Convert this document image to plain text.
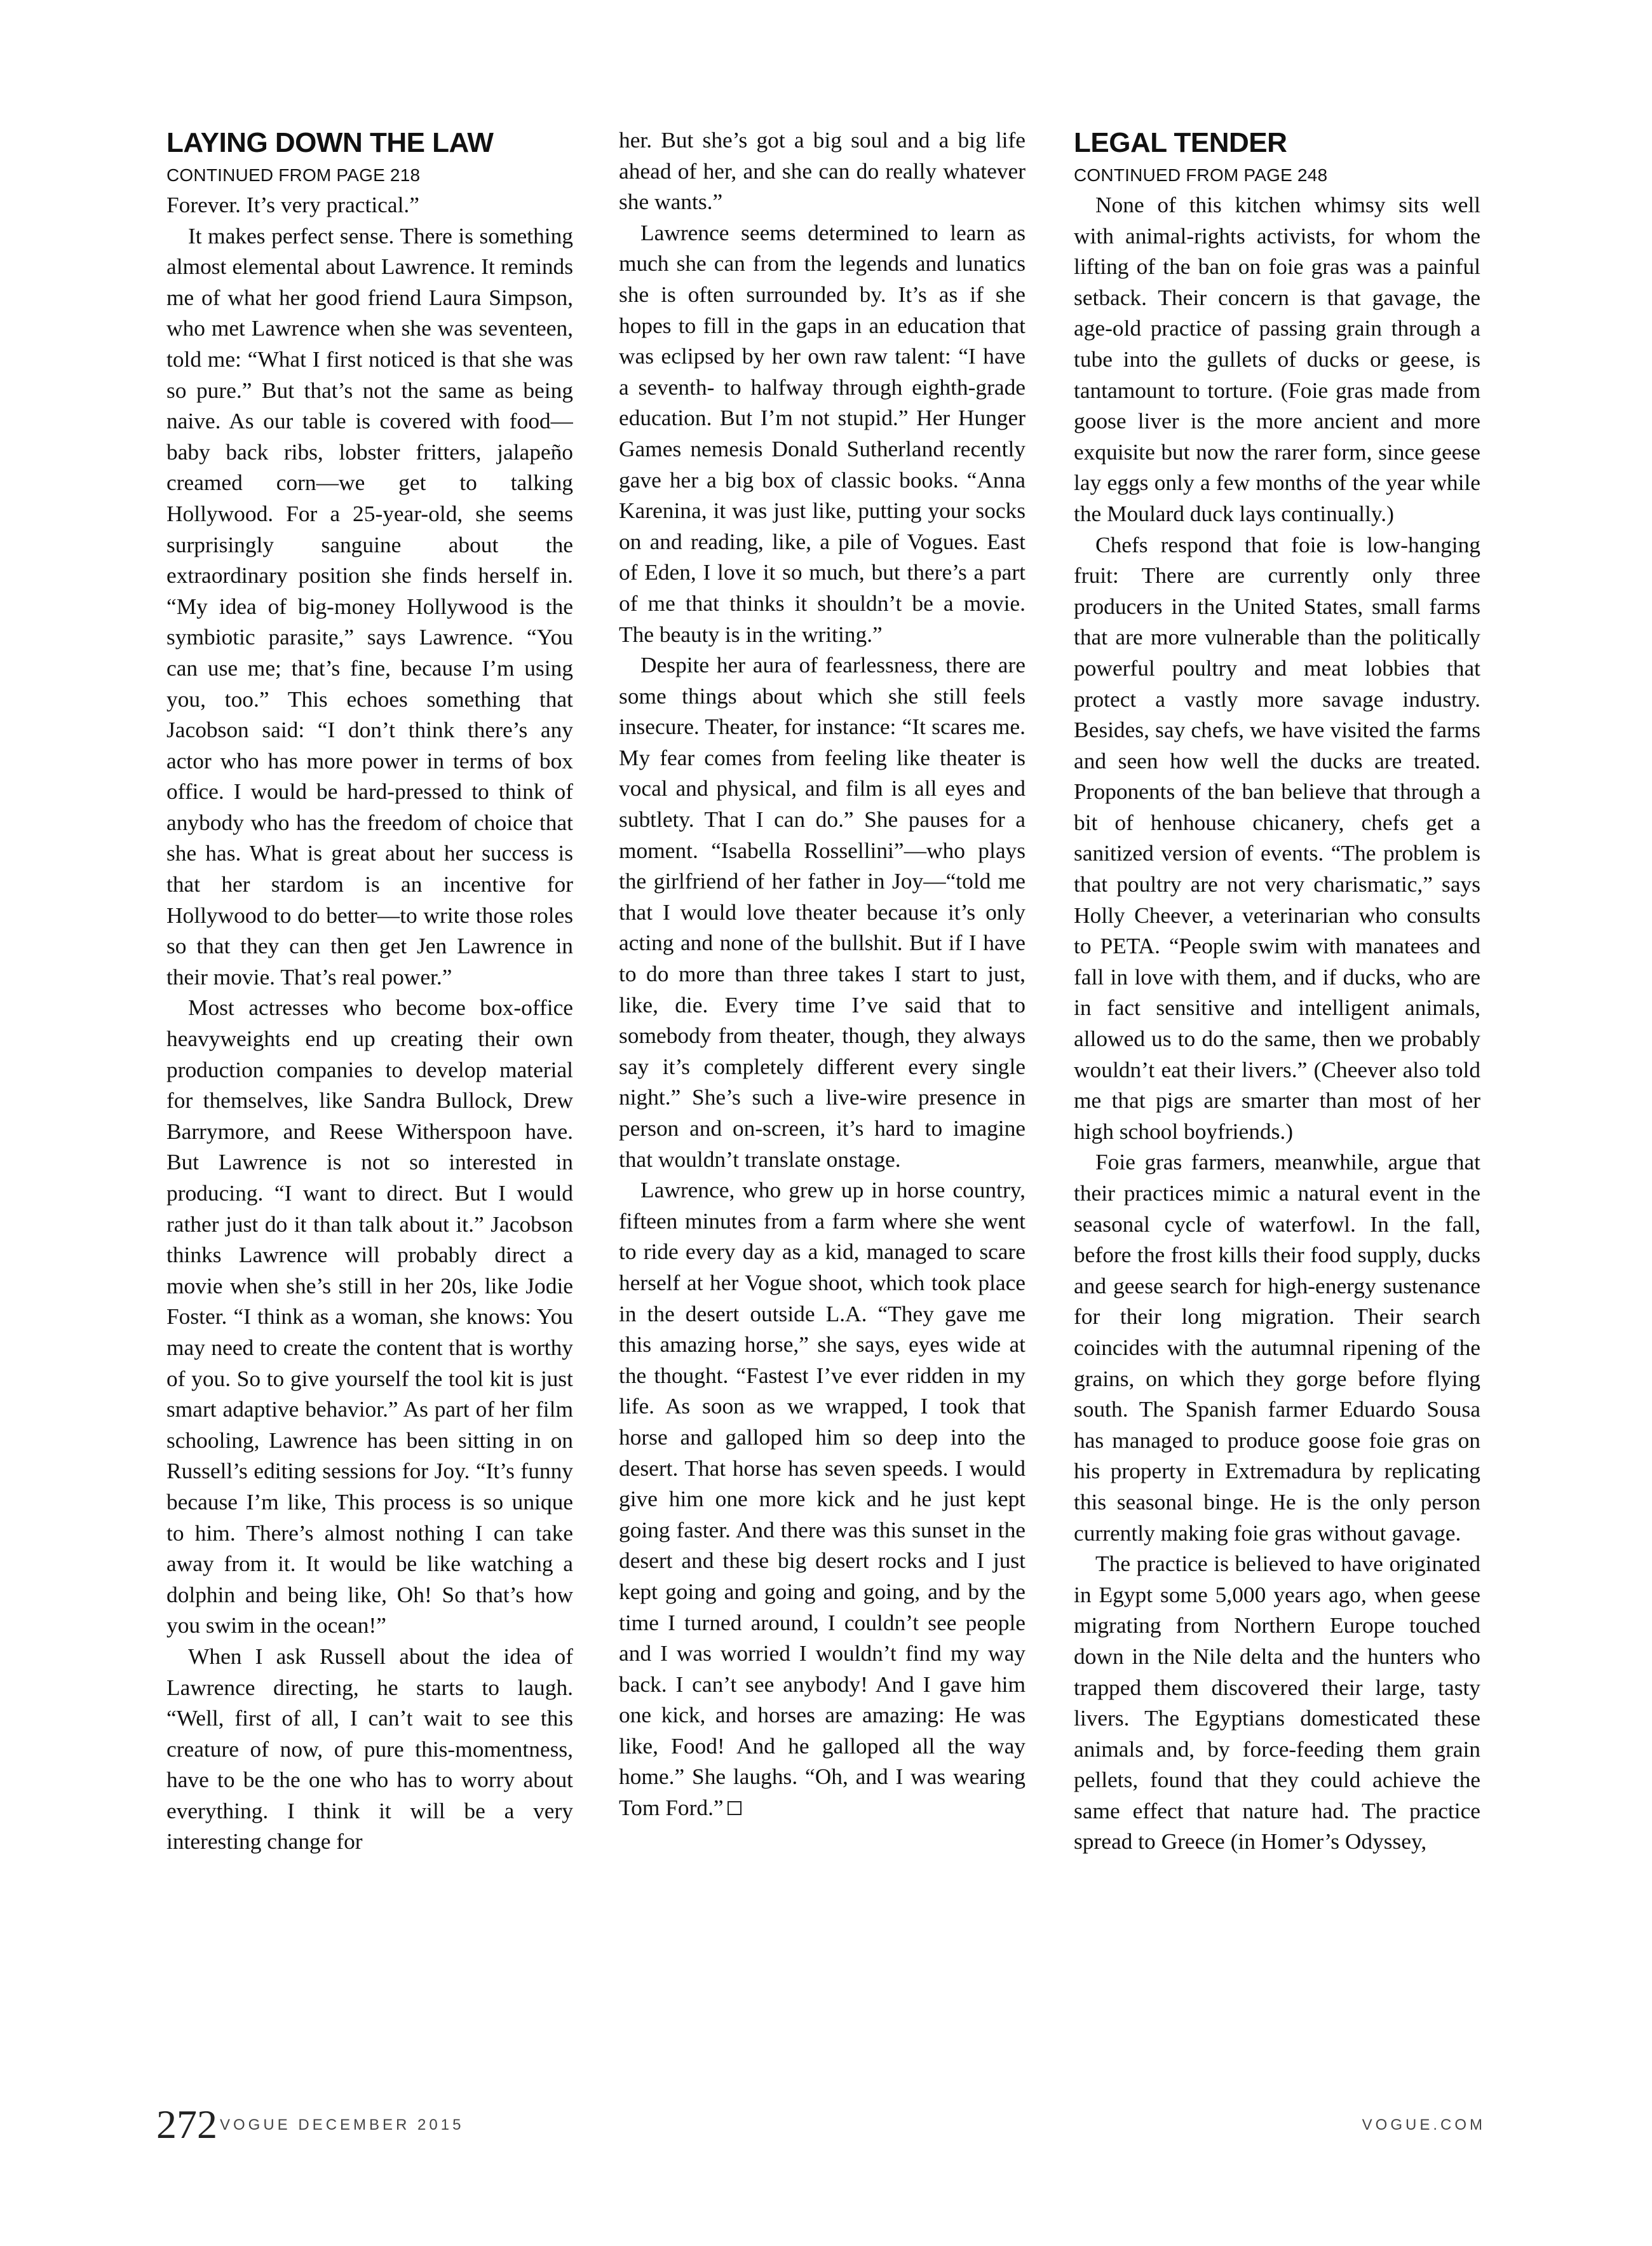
LAYING DOWN THE LAW
CONTINUED FROM PAGE 218

Forever. It’s very practical.”

It makes perfect sense. There is something almost elemental about Lawrence. It reminds me of what her good friend Laura Simpson, who met Lawrence when she was seventeen, told me: “What I first noticed is that she was so pure.” But that’s not the same as being naive. As our table is covered with food—baby back ribs, lobster fritters, jalapeño creamed corn—we get to talking Hollywood. For a 25-year-old, she seems surprisingly sanguine about the extraordinary position she finds herself in. “My idea of big-money Hollywood is the symbiotic parasite,” says Lawrence. “You can use me; that’s fine, because I’m using you, too.” This echoes something that Jacobson said: “I don’t think there’s any actor who has more power in terms of box office. I would be hard-pressed to think of anybody who has the freedom of choice that she has. What is great about her success is that her stardom is an incentive for Hollywood to do better—to write those roles so that they can then get Jen Lawrence in their movie. That’s real power.”

Most actresses who become box-office heavyweights end up creating their own production companies to develop material for themselves, like Sandra Bullock, Drew Barrymore, and Reese Witherspoon have. But Lawrence is not so interested in producing. “I want to direct. But I would rather just do it than talk about it.” Jacobson thinks Lawrence will probably direct a movie when she’s still in her 20s, like Jodie Foster. “I think as a woman, she knows: You may need to create the content that is worthy of you. So to give yourself the tool kit is just smart adaptive behavior.” As part of her film schooling, Lawrence has been sitting in on Russell’s editing sessions for Joy. “It’s funny because I’m like, This process is so unique to him. There’s almost nothing I can take away from it. It would be like watching a dolphin and being like, Oh! So that’s how you swim in the ocean!”

When I ask Russell about the idea of Lawrence directing, he starts to laugh. “Well, first of all, I can’t wait to see this creature of now, of pure this-momentness, have to be the one who has to worry about everything. I think it will be a very interesting change for

her. But she’s got a big soul and a big life ahead of her, and she can do really whatever she wants.”

Lawrence seems determined to learn as much she can from the legends and lunatics she is often surrounded by. It’s as if she hopes to fill in the gaps in an education that was eclipsed by her own raw talent: “I have a seventh- to halfway through eighth-grade education. But I’m not stupid.” Her Hunger Games nemesis Donald Sutherland recently gave her a big box of classic books. “Anna Karenina, it was just like, putting your socks on and reading, like, a pile of Vogues. East of Eden, I love it so much, but there’s a part of me that thinks it shouldn’t be a movie. The beauty is in the writing.”

Despite her aura of fearlessness, there are some things about which she still feels insecure. Theater, for instance: “It scares me. My fear comes from feeling like theater is vocal and physical, and film is all eyes and subtlety. That I can do.” She pauses for a moment. “Isabella Rossellini”—who plays the girlfriend of her father in Joy—“told me that I would love theater because it’s only acting and none of the bullshit. But if I have to do more than three takes I start to just, like, die. Every time I’ve said that to somebody from theater, though, they always say it’s completely different every single night.” She’s such a live-wire presence in person and on-screen, it’s hard to imagine that wouldn’t translate onstage.

Lawrence, who grew up in horse country, fifteen minutes from a farm where she went to ride every day as a kid, managed to scare herself at her Vogue shoot, which took place in the desert outside L.A. “They gave me this amazing horse,” she says, eyes wide at the thought. “Fastest I’ve ever ridden in my life. As soon as we wrapped, I took that horse and galloped him so deep into the desert. That horse has seven speeds. I would give him one more kick and he just kept going faster. And there was this sunset in the desert and these big desert rocks and I just kept going and going and going, and by the time I turned around, I couldn’t see people and I was worried I wouldn’t find my way back. I can’t see anybody! And I gave him one kick, and horses are amazing: He was like, Food! And he galloped all the way home.” She laughs. “Oh, and I was wearing Tom Ford.”

LEGAL TENDER
CONTINUED FROM PAGE 248

None of this kitchen whimsy sits well with animal-rights activists, for whom the lifting of the ban on foie gras was a painful setback. Their concern is that gavage, the age-old practice of passing grain through a tube into the gullets of ducks or geese, is tantamount to torture. (Foie gras made from goose liver is the more ancient and more exquisite but now the rarer form, since geese lay eggs only a few months of the year while the Moulard duck lays continually.)

Chefs respond that foie is low-hanging fruit: There are currently only three producers in the United States, small farms that are more vulnerable than the politically powerful poultry and meat lobbies that protect a vastly more savage industry. Besides, say chefs, we have visited the farms and seen how well the ducks are treated. Proponents of the ban believe that through a bit of henhouse chicanery, chefs get a sanitized version of events. “The problem is that poultry are not very charismatic,” says Holly Cheever, a veterinarian who consults to PETA. “People swim with manatees and fall in love with them, and if ducks, who are in fact sensitive and intelligent animals, allowed us to do the same, then we probably wouldn’t eat their livers.” (Cheever also told me that pigs are smarter than most of her high school boyfriends.)

Foie gras farmers, meanwhile, argue that their practices mimic a natural event in the seasonal cycle of waterfowl. In the fall, before the frost kills their food supply, ducks and geese search for high-energy sustenance for their long migration. Their search coincides with the autumnal ripening of the grains, on which they gorge before flying south. The Spanish farmer Eduardo Sousa has managed to produce goose foie gras on his property in Extremadura by replicating this seasonal binge. He is the only person currently making foie gras without gavage.

The practice is believed to have originated in Egypt some 5,000 years ago, when geese migrating from Northern Europe touched down in the Nile delta and the hunters who trapped them discovered their large, tasty livers. The Egyptians domesticated these animals and, by force-feeding them grain pellets, found that they could achieve the same effect that nature had. The practice spread to Greece (in Homer’s Odyssey,

272 VOGUE DECEMBER 2015	VOGUE.COM
